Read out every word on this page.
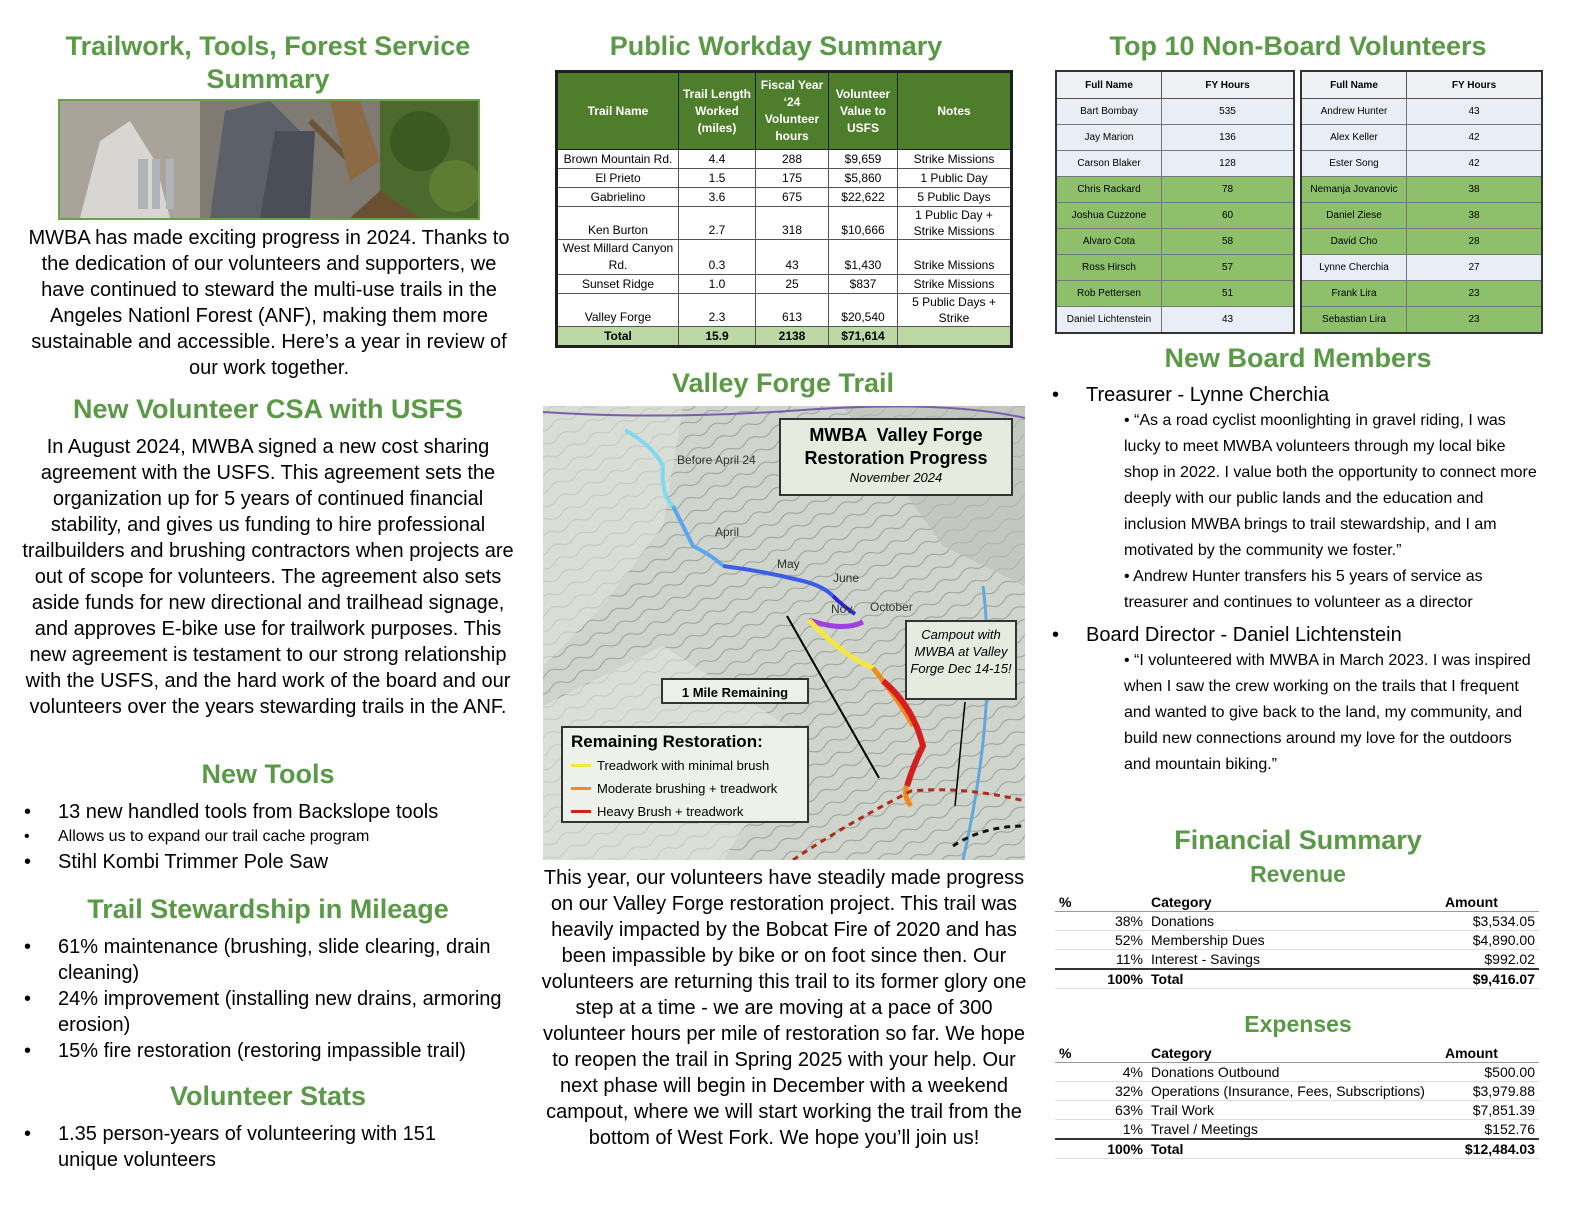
Trailwork, Tools, Forest Service Summary

MWBA has made exciting progress in 2024. Thanks to the dedication of our volunteers and supporters, we have continued to steward the multi-use trails in the Angeles Nationl Forest (ANF), making them more sustainable and accessible. Here’s a year in review of our work together.

New Volunteer CSA with USFS

In August 2024, MWBA signed a new cost sharing agreement with the USFS. This agreement sets the organization up for 5 years of continued financial stability, and gives us funding to hire professional trailbuilders and brushing contractors when projects are out of scope for volunteers. The agreement also sets aside funds for new directional and trailhead signage, and approves E-bike use for trailwork purposes. This new agreement is testament to our strong relationship with the USFS, and the hard work of the board and our volunteers over the years stewarding trails in the ANF.

New Tools
• 13 new handled tools from Backslope tools
• Allows us to expand our trail cache program
• Stihl Kombi Trimmer Pole Saw
Trail Stewardship in Mileage
• 61% maintenance (brushing, slide clearing, drain cleaning)
• 24% improvement (installing new drains, armoring erosion)
• 15% fire restoration (restoring impassible trail)
Volunteer Stats
• 1.35 person-years of volunteering with 151 unique volunteers
Public Workday Summary
Trail Name	Trail Length Worked (miles)	Fiscal Year ‘24 Volunteer hours	Volunteer Value to USFS	Notes
Brown Mountain Rd.	4.4	288	$9,659	Strike Missions
El Prieto	1.5	175	$5,860	1 Public Day
Gabrielino	3.6	675	$22,622	5 Public Days
Ken Burton	2.7	318	$10,666	1 Public Day + Strike Missions
West Millard Canyon Rd.	0.3	43	$1,430	Strike Missions
Sunset Ridge	1.0	25	$837	Strike Missions
Valley Forge	2.3	613	$20,540	5 Public Days + Strike
Total	15.9	2138	$71,614	
Valley Forge Trail
MWBA  Valley Forge Restoration Progress
November 2024
Before April 24
April
May
June
Nov October
Campout with MWBA at Valley Forge Dec 14-15!
1 Mile Remaining
Remaining Restoration:
Treadwork with minimal brush
Moderate brushing + treadwork
Heavy Brush + treadwork

This year, our volunteers have steadily made progress on our Valley Forge restoration project. This trail was heavily impacted by the Bobcat Fire of 2020 and has been impassible by bike or on foot since then. Our volunteers are returning this trail to its former glory one step at a time - we are moving at a pace of 300 volunteer hours per mile of restoration so far. We hope to reopen the trail in Spring 2025 with your help. Our next phase will begin in December with a weekend campout, where we will start working the trail from the bottom of West Fork. We hope you’ll join us!

Top 10 Non-Board Volunteers
Full Name	FY Hours
Bart Bombay	535
Jay Marion	136
Carson Blaker	128
Chris Rackard	78
Joshua Cuzzone	60
Alvaro Cota	58
Ross Hirsch	57
Rob Pettersen	51
Daniel Lichtenstein	43
Full Name	FY Hours
Andrew Hunter	43
Alex Keller	42
Ester Song	42
Nemanja Jovanovic	38
Daniel Ziese	38
David Cho	28
Lynne Cherchia	27
Frank Lira	23
Sebastian Lira	23
New Board Members
• Treasurer - Lynne Cherchia
• “As a road cyclist moonlighting in gravel riding, I was lucky to meet MWBA volunteers through my local bike shop in 2022. I value both the opportunity to connect more deeply with our public lands and the education and inclusion MWBA brings to trail stewardship, and I am motivated by the community we foster.”
• Andrew Hunter transfers his 5 years of service as treasurer and continues to volunteer as a director
• Board Director - Daniel Lichtenstein
• “I volunteered with MWBA in March 2023. I was inspired when I saw the crew working on the trails that I frequent and wanted to give back to the land, my community, and build new connections around my love for the outdoors and mountain biking.”
Financial Summary
Revenue
%	Category	Amount
38%	Donations	$3,534.05
52%	Membership Dues	$4,890.00
11%	Interest - Savings	$992.02
100%	Total	$9,416.07
Expenses
%	Category	Amount
4%	Donations Outbound	$500.00
32%	Operations (Insurance, Fees, Subscriptions)	$3,979.88
63%	Trail Work	$7,851.39
1%	Travel / Meetings	$152.76
100%	Total	$12,484.03
